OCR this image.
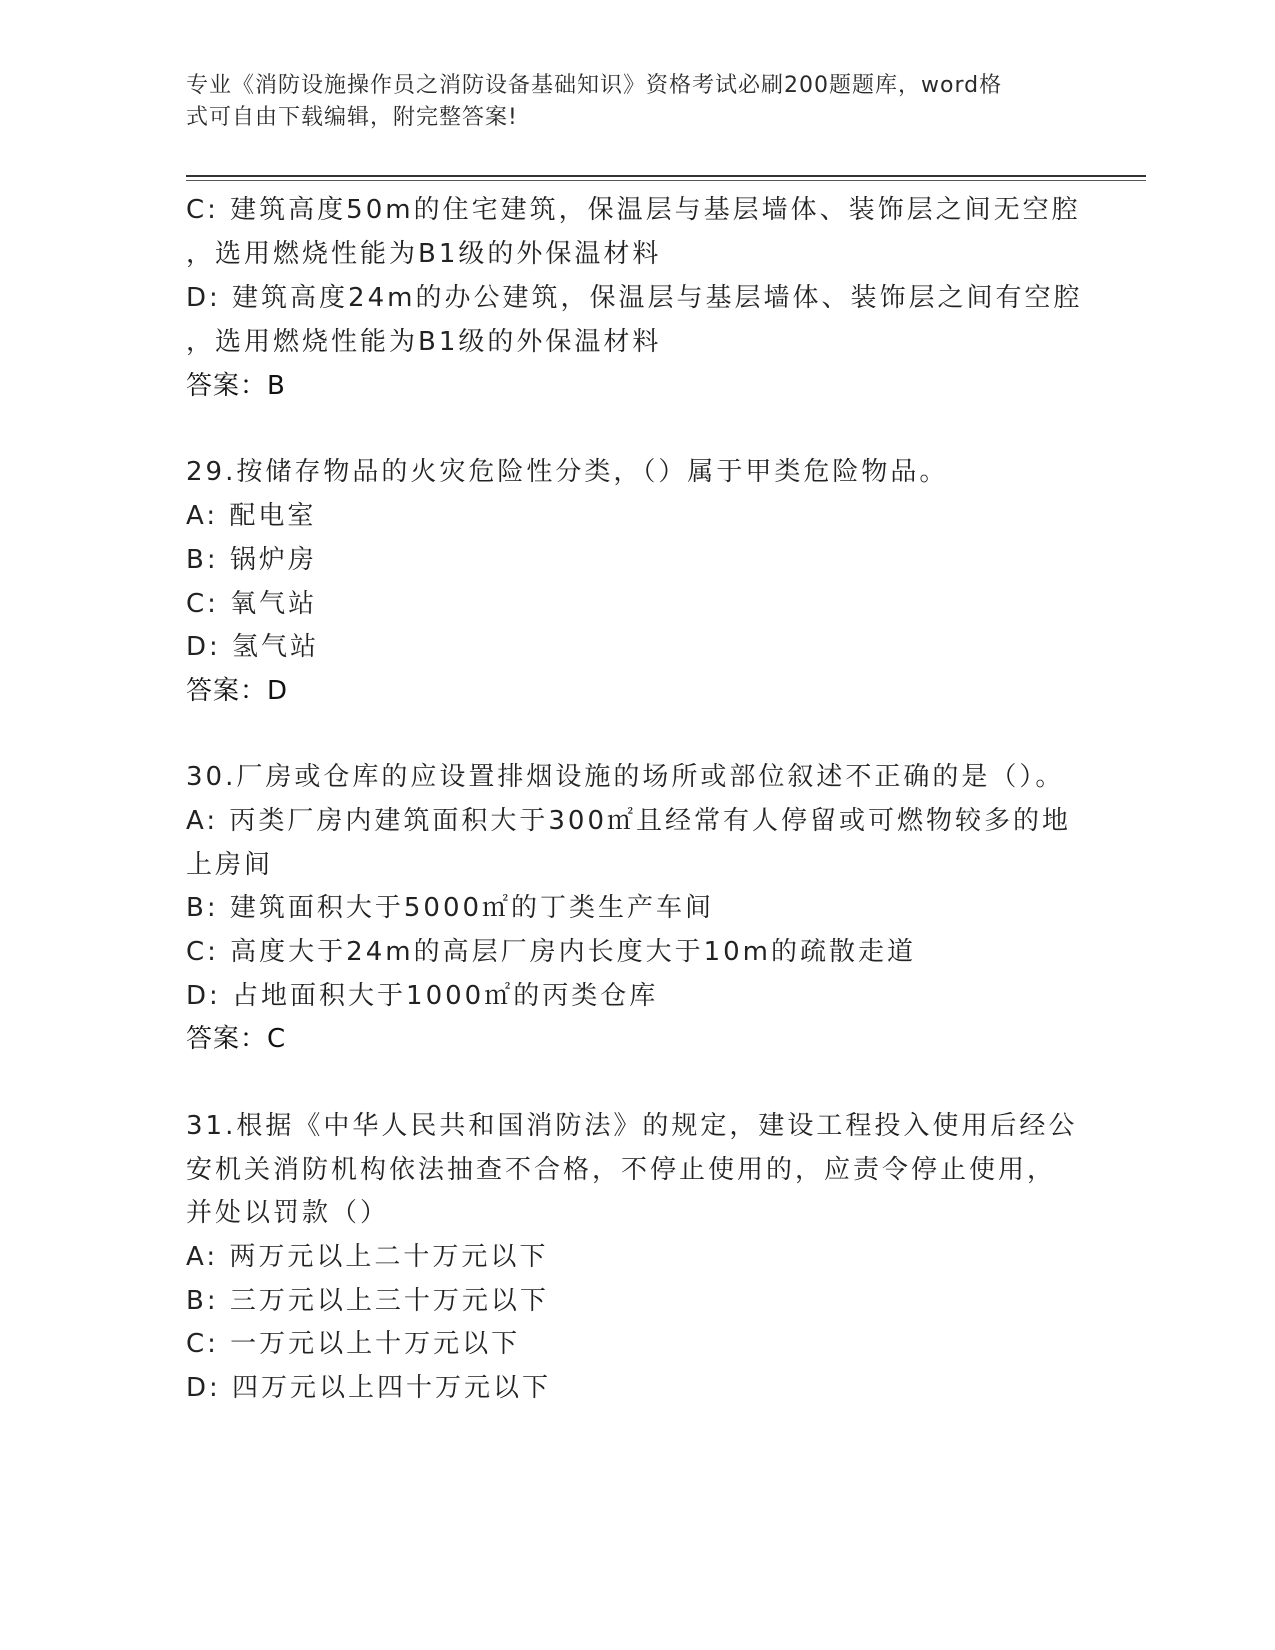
专业《消防设施操作员之消防设备基础知识》资格考试必刷200题题库，word格
式可自由下载编辑，附完整答案!
C: 建筑高度50m的住宅建筑，保温层与基层墙体、装饰层之间无空腔
，选用燃烧性能为B1级的外保温材料
D: 建筑高度24m的办公建筑，保温层与基层墙体、装饰层之间有空腔
，选用燃烧性能为B1级的外保温材料
答案：B
29.按储存物品的火灾危险性分类，（）属于甲类危险物品。
A: 配电室
B: 锅炉房
C: 氧气站
D: 氢气站
答案：D
30.厂房或仓库的应设置排烟设施的场所或部位叙述不正确的是（）。
A: 丙类厂房内建筑面积大于300㎡且经常有人停留或可燃物较多的地
上房间
B: 建筑面积大于5000㎡的丁类生产车间
C: 高度大于24m的高层厂房内长度大于10m的疏散走道
D: 占地面积大于1000㎡的丙类仓库
答案：C
31.根据《中华人民共和国消防法》的规定，建设工程投入使用后经公
安机关消防机构依法抽查不合格，不停止使用的，应责令停止使用，
并处以罚款（）
A: 两万元以上二十万元以下
B: 三万元以上三十万元以下
C: 一万元以上十万元以下
D: 四万元以上四十万元以下
